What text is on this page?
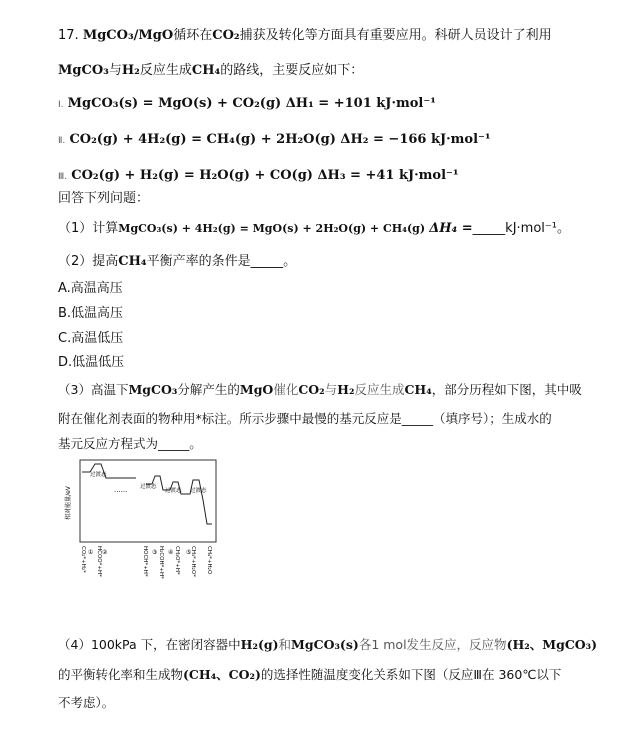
17. MgCO₃/MgO循环在CO₂捕获及转化等方面具有重要应用。科研人员设计了利用
MgCO₃与H₂反应生成CH₄的路线，主要反应如下：
Ⅰ. MgCO₃(s) = MgO(s) + CO₂(g) ΔH₁ = +101 kJ·mol⁻¹
Ⅱ. CO₂(g) + 4H₂(g) = CH₄(g) + 2H₂O(g) ΔH₂ = −166 kJ·mol⁻¹
Ⅲ. CO₂(g) + H₂(g) = H₂O(g) + CO(g) ΔH₃ = +41 kJ·mol⁻¹
回答下列问题：
（1）计算MgCO₃(s) + 4H₂(g) = MgO(s) + 2H₂O(g) + CH₄(g) ΔH₄ =_____kJ·mol⁻¹。
（2）提高CH₄平衡产率的条件是_____。
A.高温高压
B.低温高压
C.高温低压
D.低温低压
（3）高温下MgCO₃分解产生的MgO催化CO₂与H₂反应生成CH₄，部分历程如下图，其中吸
附在催化剂表面的物种用*标注。所示步骤中最慢的基元反应是_____（填序号）；生成水的
基元反应方程式为_____。
相对能量/eV
过渡态
过渡态
过渡态 过渡态
......
① ②	③ ④ ⑤
CO₂*+H₂* HCOO*+H*	HOCH*+H* H₂COH*+H* CH₃O*+H* CH₃*+H₂O* CH₄*+H₂O
（4）100kPa 下，在密闭容器中H₂(g)和MgCO₃(s)各1 mol发生反应，反应物(H₂、MgCO₃)
的平衡转化率和生成物(CH₄、CO₂)的选择性随温度变化关系如下图（反应Ⅲ在 360℃以下
不考虑）。
